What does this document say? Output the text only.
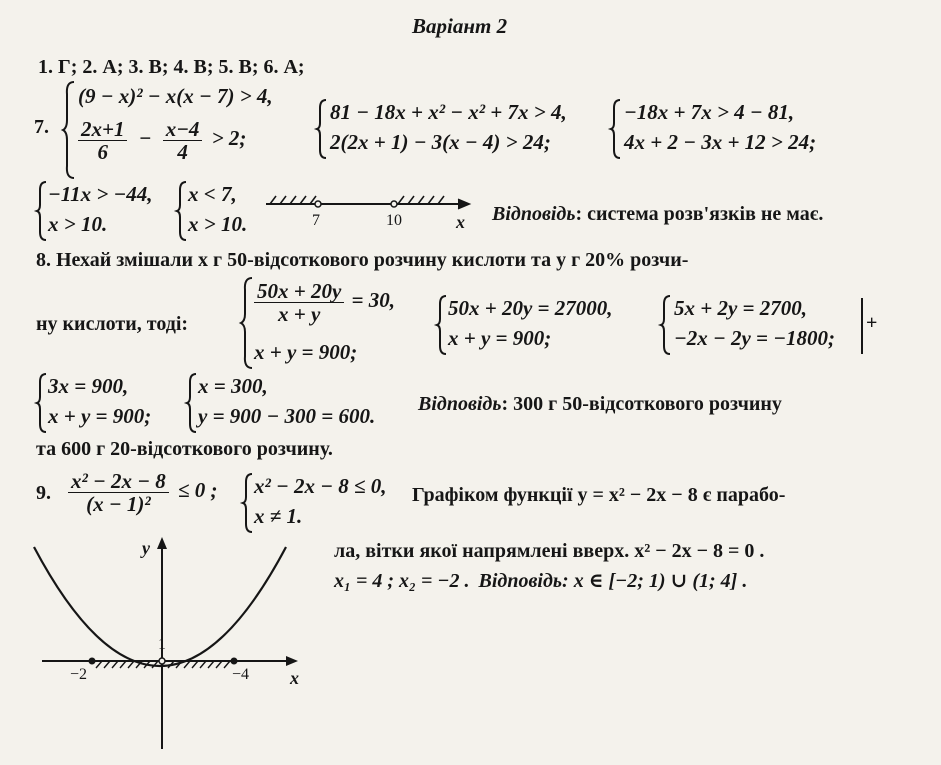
Варіант 2
1. Г; 2. А; 3. В; 4. В; 5. В; 6. А;
7.
(9 − x)² − x(x − 7) > 4,
$\frac{2x+1}{6} - \frac{x-4}{4} > 2$;
81 − 18x + x² − x² + 7x > 4,
2(2x + 1) − 3(x − 4) > 24;
−18x + 7x > 4 − 81,
4x + 2 − 3x + 12 > 24;
−11x > −44,
x > 10.
x < 7,
x > 10.	7	10	x Відповідь: система розв'язків не має.
8. Нехай змішали x г 50-відсоткового розчину кислоти та y г 20% розчи-
ну кислоти, тоді:	$\frac{50x + 20y}{x + y} = 30$,
x + y = 900;
50x + 20y = 27000,
x + y = 900;
5x + 2y = 2700,
−2x − 2y = −1800;
+
3x = 900,
x + y = 900;
x = 300,
y = 900 − 300 = 600. Відповідь: 300 г 50-відсоткового розчину
та 600 г 20-відсоткового розчину.
9. $\frac{\text{x² − 2x − 8}}{\text{(x − 1)²}} \le 0$ ; x² − 2x − 8 ≤ 0,
x ≠ 1.
Графіком функції y = x² − 2x − 8 є парабо-
ла, вітки якої напрямлені вверх. x² − 2x − 8 = 0 .
x₁ = 4 ; x₂ = −2 . Відповідь: x ∈ [−2; 1) ∪ (1; 4] .
y
x
−2
1
−4
